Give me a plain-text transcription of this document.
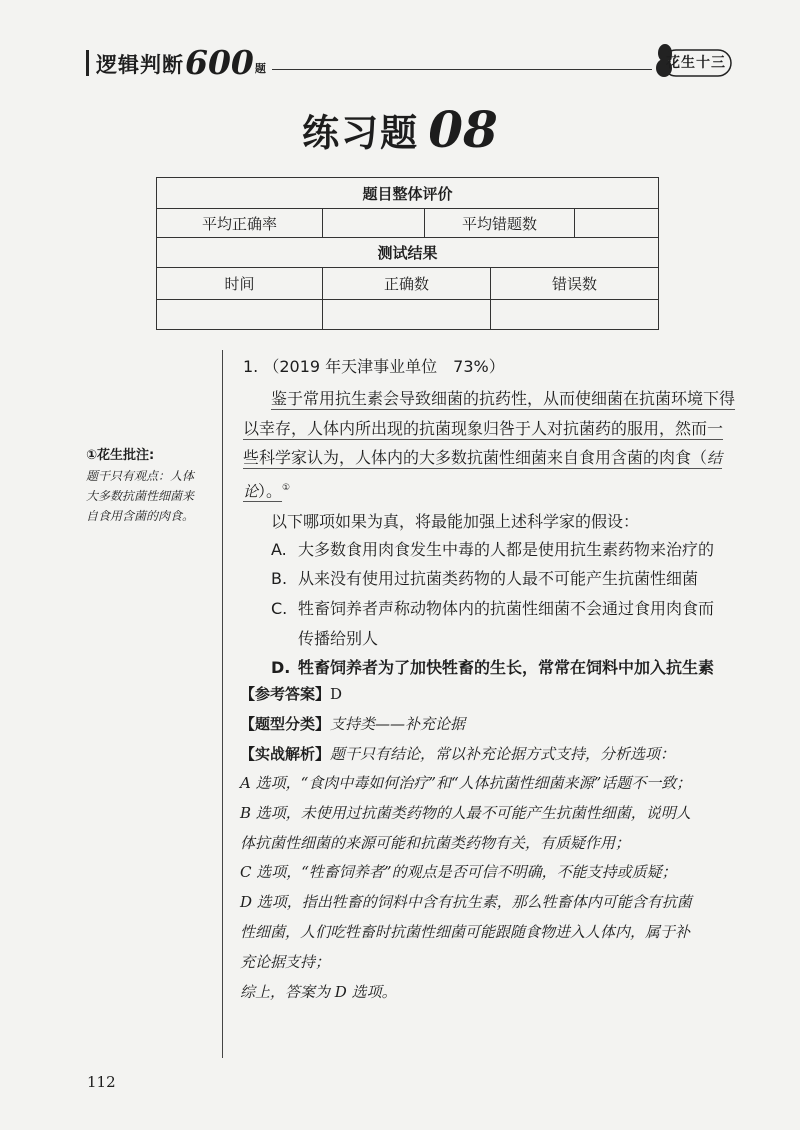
逻辑判断 600 题	花生十三
练习题 08
题目整体评价				
平均正确率		平均错题数		
测试结果				
时间	正确数		错误数	

①花生批注:
题干只有观点：人体
大多数抗菌性细菌来
自食用含菌的肉食。
1. （2019 年天津事业单位　73%）
鉴于常用抗生素会导致细菌的抗药性，从而使细菌在抗菌环境下得以幸存，人体内所出现的抗菌现象归咎于人对抗菌药的服用，然而一些科学家认为，人体内的大多数抗菌性细菌来自食用含菌的肉食（结论）。①
以下哪项如果为真，将最能加强上述科学家的假设：
A. 大多数食用肉食发生中毒的人都是使用抗生素药物来治疗的
B. 从来没有使用过抗菌类药物的人最不可能产生抗菌性细菌
C. 牲畜饲养者声称动物体内的抗菌性细菌不会通过食用肉食而
传播给别人
D. 牲畜饲养者为了加快牲畜的生长，常常在饲料中加入抗生素
【参考答案】D
【题型分类】支持类——补充论据
【实战解析】题干只有结论，常以补充论据方式支持，分析选项：
A 选项，“食肉中毒如何治疗”和“人体抗菌性细菌来源”话题不一致；
B 选项，未使用过抗菌类药物的人最不可能产生抗菌性细菌，说明人
体抗菌性细菌的来源可能和抗菌类药物有关，有质疑作用；
C 选项，“牲畜饲养者”的观点是否可信不明确，不能支持或质疑；
D 选项，指出牲畜的饲料中含有抗生素，那么牲畜体内可能含有抗菌
性细菌，人们吃牲畜时抗菌性细菌可能跟随食物进入人体内，属于补
充论据支持；
综上，答案为 D 选项。
112
